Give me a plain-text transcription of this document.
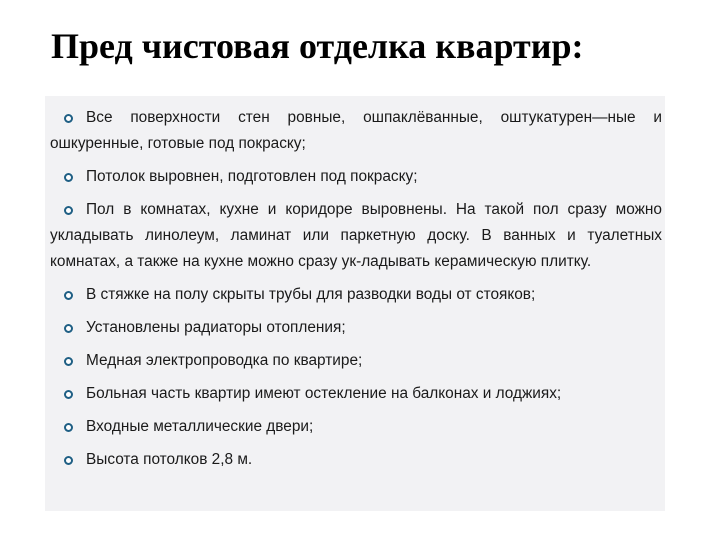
Пред чистовая отделка квартир:
Все поверхности стен ровные, ошпаклёванные, оштукатурен—ные и ошкуренные, готовые под покраску;
Потолок выровнен, подготовлен под покраску;
Пол в комнатах, кухне и коридоре выровнены. На такой пол сразу можно укладывать линолеум, ламинат или паркетную доску. В ванных и туалетных комнатах, а также на кухне можно сразу ук-ладывать керамическую плитку.
В стяжке на полу скрыты трубы для разводки воды от стояков;
Установлены радиаторы отопления;
Медная электропроводка по квартире;
Больная часть квартир имеют остекление на балконах и лоджиях;
Входные металлические двери;
Высота потолков 2,8 м.
